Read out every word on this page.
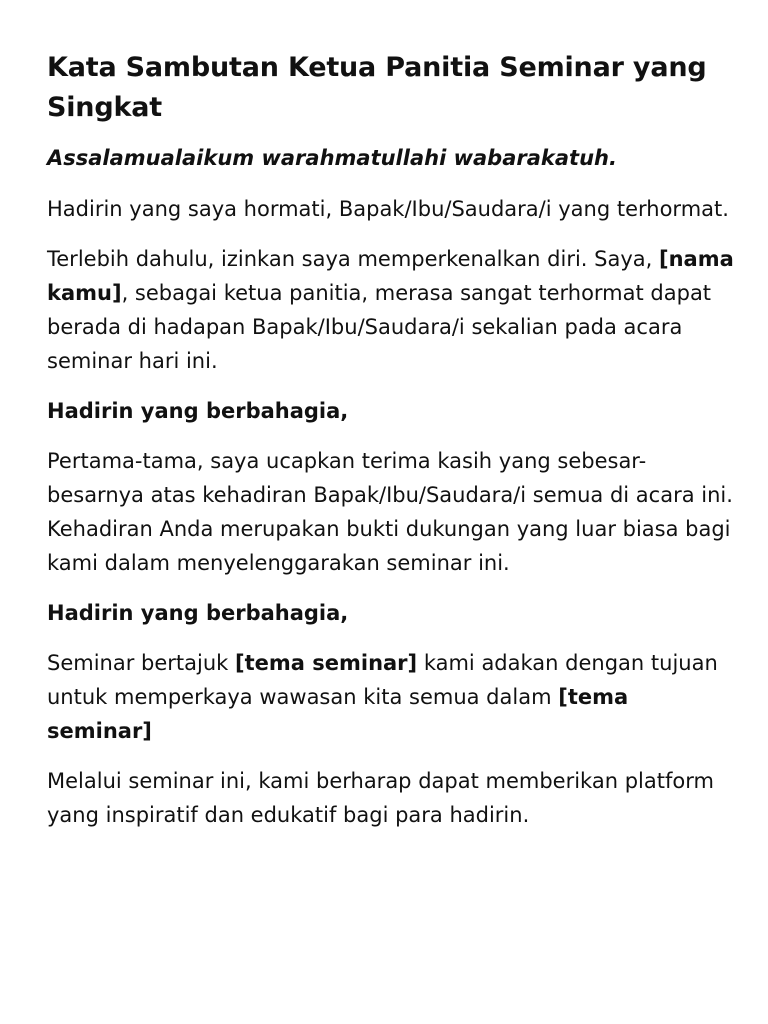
Kata Sambutan Ketua Panitia Seminar yang Singkat

Assalamualaikum warahmatullahi wabarakatuh.

Hadirin yang saya hormati, Bapak/Ibu/Saudara/i yang terhormat.

Terlebih dahulu, izinkan saya memperkenalkan diri. Saya, [nama kamu], sebagai ketua panitia, merasa sangat terhormat dapat berada di hadapan Bapak/Ibu/Saudara/i sekalian pada acara seminar hari ini.

Hadirin yang berbahagia,

Pertama-tama, saya ucapkan terima kasih yang sebesar-besarnya atas kehadiran Bapak/Ibu/Saudara/i semua di acara ini. Kehadiran Anda merupakan bukti dukungan yang luar biasa bagi kami dalam menyelenggarakan seminar ini.

Hadirin yang berbahagia,

Seminar bertajuk [tema seminar] kami adakan dengan tujuan untuk memperkaya wawasan kita semua dalam [tema seminar]

Melalui seminar ini, kami berharap dapat memberikan platform yang inspiratif dan edukatif bagi para hadirin.
